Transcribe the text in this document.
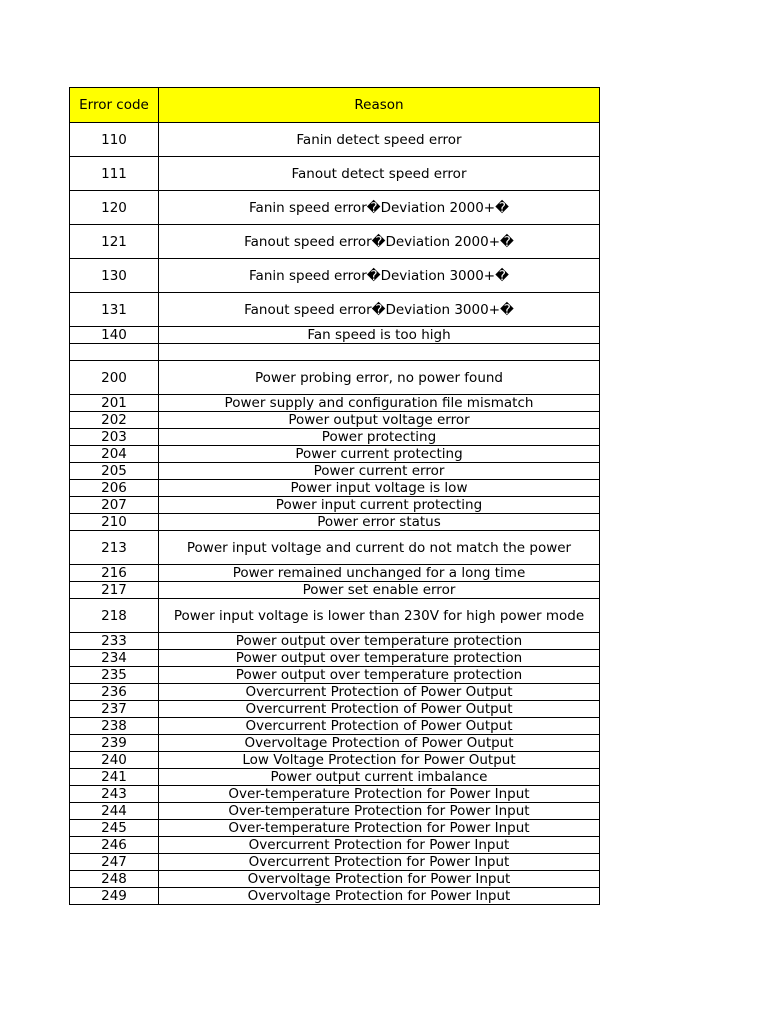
Error code	Reason
110	Fanin detect speed error
111	Fanout detect speed error
120	Fanin speed error�Deviation 2000+�
121	Fanout speed error�Deviation 2000+�
130	Fanin speed error�Deviation 3000+�
131	Fanout speed error�Deviation 3000+�
140	Fan speed is too high

200	Power probing error, no power found
201	Power supply and configuration file mismatch
202	Power output voltage error
203	Power protecting
204	Power current protecting
205	Power current error
206	Power input voltage is low
207	Power input current protecting
210	Power error status
213	Power input voltage and current do not match the power
216	Power remained unchanged for a long time
217	Power set enable error
218	Power input voltage is lower than 230V for high power mode
233	Power output over temperature protection
234	Power output over temperature protection
235	Power output over temperature protection
236	Overcurrent Protection of Power Output
237	Overcurrent Protection of Power Output
238	Overcurrent Protection of Power Output
239	Overvoltage Protection of Power Output
240	Low Voltage Protection for Power Output
241	Power output current imbalance
243	Over-temperature Protection for Power Input
244	Over-temperature Protection for Power Input
245	Over-temperature Protection for Power Input
246	Overcurrent Protection for Power Input
247	Overcurrent Protection for Power Input
248	Overvoltage Protection for Power Input
249	Overvoltage Protection for Power Input
